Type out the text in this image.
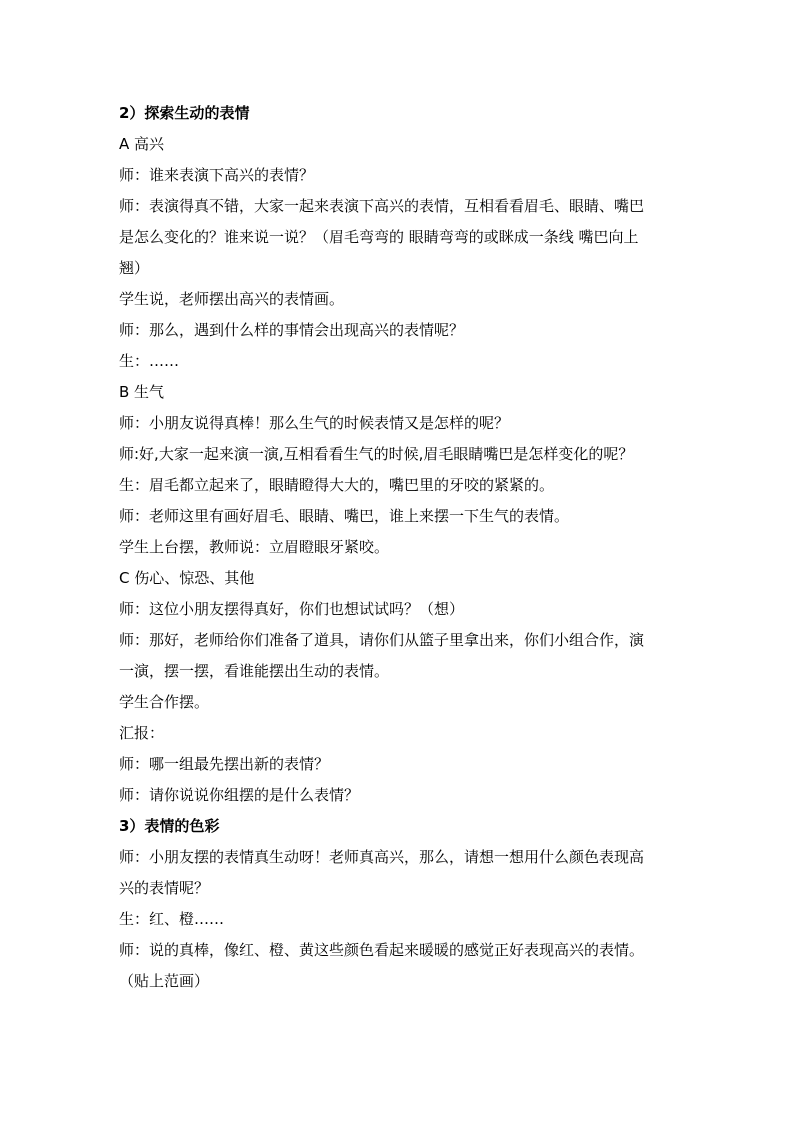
2）探索生动的表情
A 高兴
师：谁来表演下高兴的表情？
师：表演得真不错，大家一起来表演下高兴的表情，互相看看眉毛、眼睛、嘴巴
是怎么变化的？谁来说一说？（眉毛弯弯的 眼睛弯弯的或眯成一条线 嘴巴向上
翘）
学生说，老师摆出高兴的表情画。
师：那么，遇到什么样的事情会出现高兴的表情呢？
生：……
B 生气
师：小朋友说得真棒！那么生气的时候表情又是怎样的呢？
师:好,大家一起来演一演,互相看看生气的时候,眉毛眼睛嘴巴是怎样变化的呢？
生：眉毛都立起来了，眼睛瞪得大大的，嘴巴里的牙咬的紧紧的。
师：老师这里有画好眉毛、眼睛、嘴巴，谁上来摆一下生气的表情。
学生上台摆，教师说：立眉瞪眼牙紧咬。
C 伤心、惊恐、其他
师：这位小朋友摆得真好，你们也想试试吗？（想）
师：那好，老师给你们准备了道具，请你们从篮子里拿出来，你们小组合作，演
一演，摆一摆，看谁能摆出生动的表情。
学生合作摆。
汇报：
师：哪一组最先摆出新的表情？
师：请你说说你组摆的是什么表情？
3）表情的色彩
师：小朋友摆的表情真生动呀！老师真高兴，那么，请想一想用什么颜色表现高
兴的表情呢？
生：红、橙……
师：说的真棒，像红、橙、黄这些颜色看起来暖暖的感觉正好表现高兴的表情。
（贴上范画）
